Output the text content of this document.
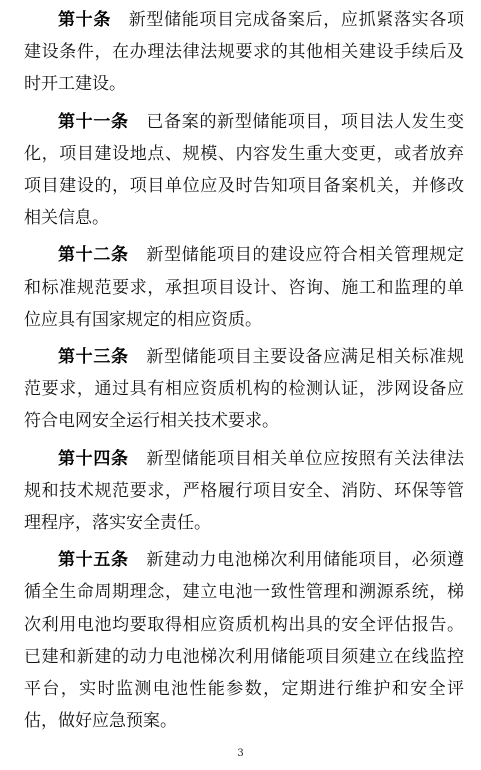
第十条  新型储能项目完成备案后，应抓紧落实各项建设条件，在办理法律法规要求的其他相关建设手续后及时开工建设。

第十一条  已备案的新型储能项目，项目法人发生变化，项目建设地点、规模、内容发生重大变更，或者放弃项目建设的，项目单位应及时告知项目备案机关，并修改相关信息。

第十二条  新型储能项目的建设应符合相关管理规定和标准规范要求，承担项目设计、咨询、施工和监理的单位应具有国家规定的相应资质。

第十三条  新型储能项目主要设备应满足相关标准规范要求，通过具有相应资质机构的检测认证，涉网设备应符合电网安全运行相关技术要求。

第十四条  新型储能项目相关单位应按照有关法律法规和技术规范要求，严格履行项目安全、消防、环保等管理程序，落实安全责任。

第十五条  新建动力电池梯次利用储能项目，必须遵循全生命周期理念，建立电池一致性管理和溯源系统，梯次利用电池均要取得相应资质机构出具的安全评估报告。已建和新建的动力电池梯次利用储能项目须建立在线监控平台，实时监测电池性能参数，定期进行维护和安全评估，做好应急预案。

3
